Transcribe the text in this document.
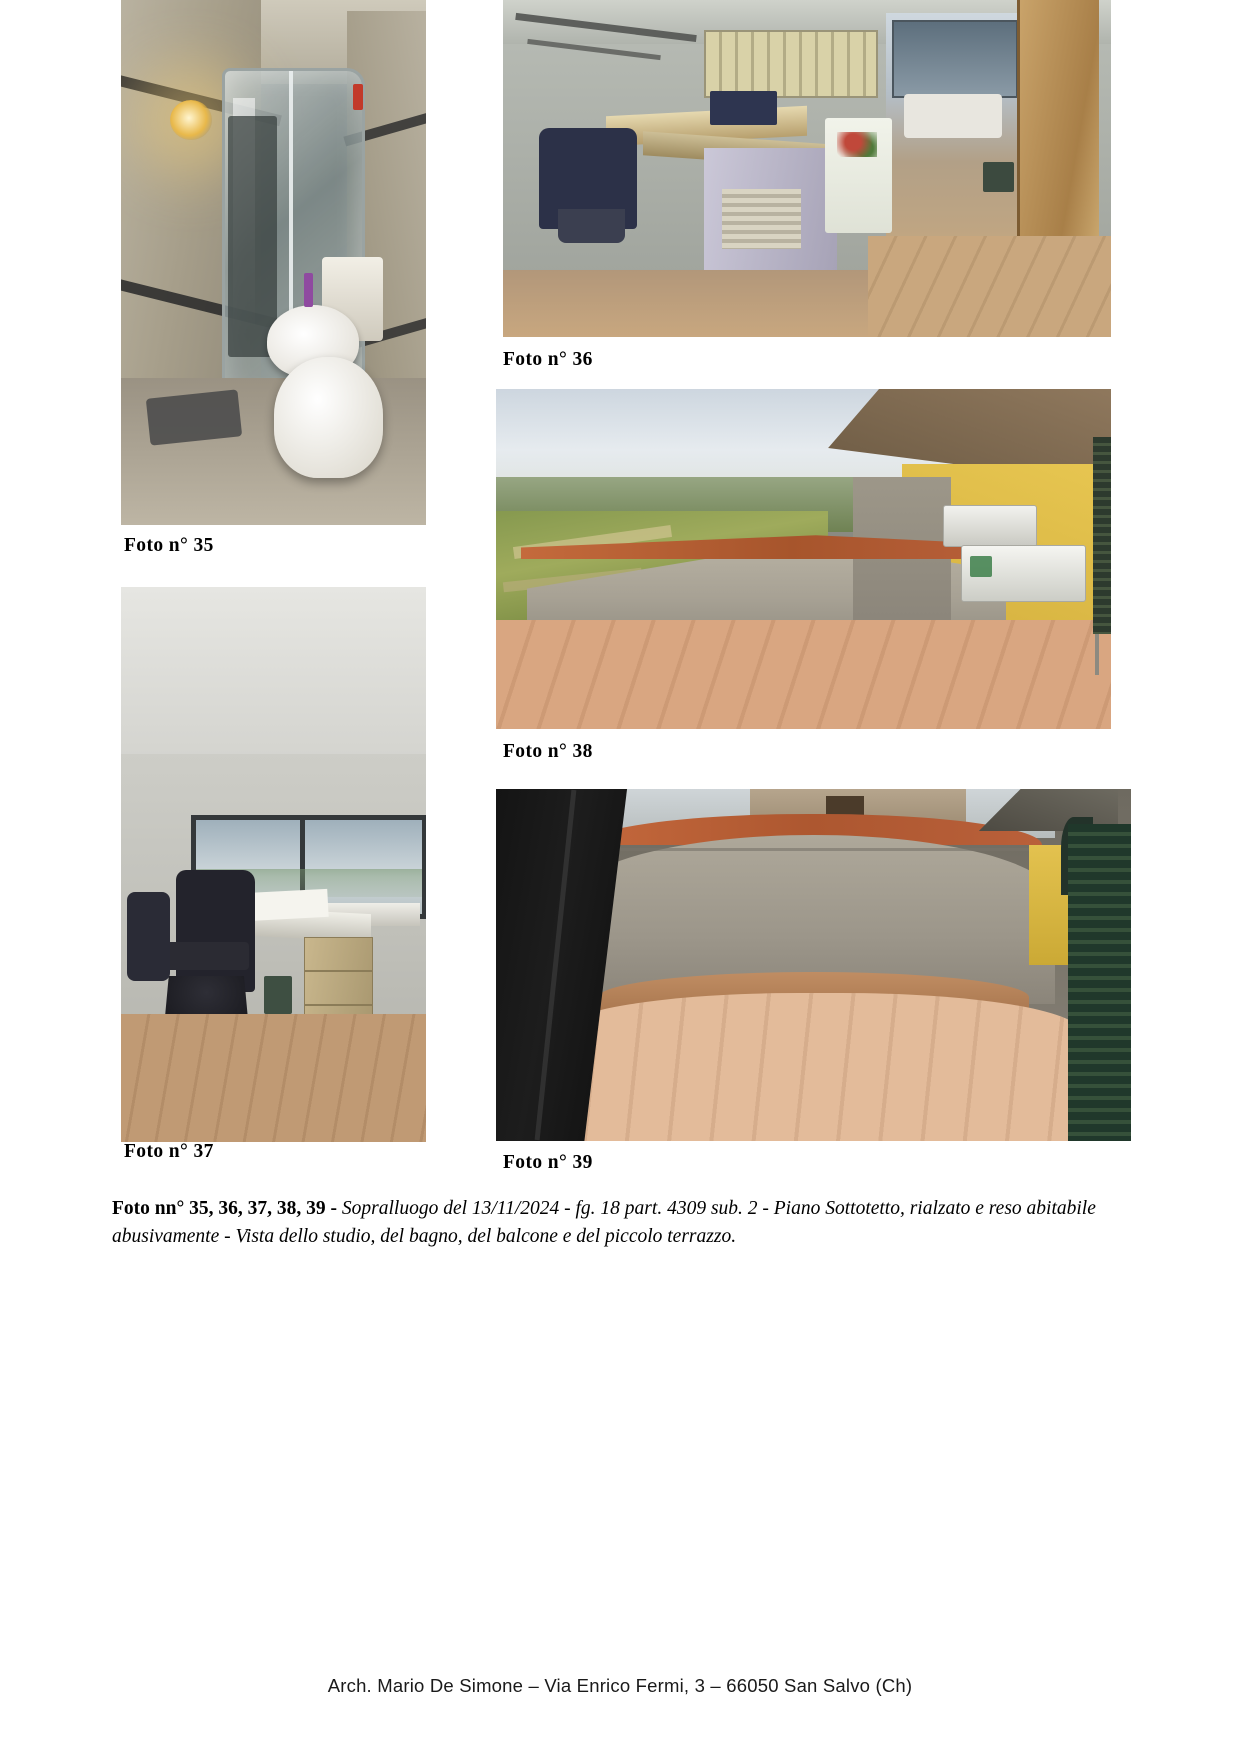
Foto n° 35
Foto n° 36
Foto n° 38
Foto n° 37
Foto n° 39
Foto nn° 35, 36, 37, 38, 39 - Sopralluogo del 13/11/2024 - fg. 18 part. 4309 sub. 2 - Piano Sottotetto, rialzato e reso abitabile abusivamente - Vista dello studio, del bagno, del balcone e del piccolo terrazzo.
Arch. Mario De Simone – Via Enrico Fermi, 3 – 66050 San Salvo (Ch)
